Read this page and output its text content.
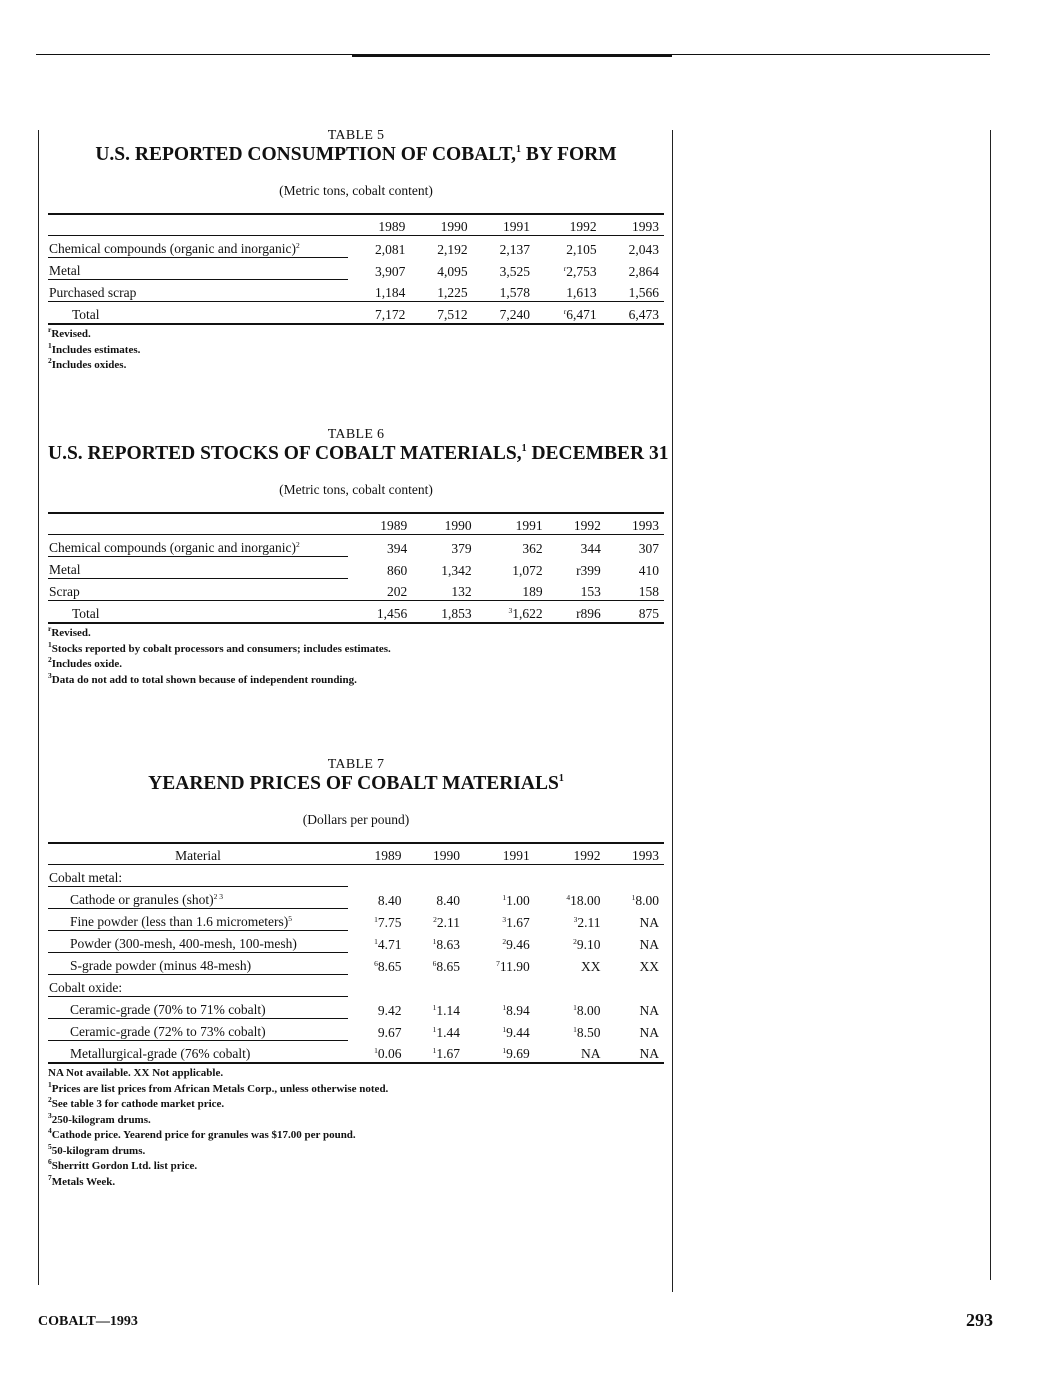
TABLE 5
U.S. REPORTED CONSUMPTION OF COBALT,$^1$ BY FORM
(Metric tons, cobalt content)
	1989	1990	1991	1992	1993
Chemical compounds (organic and inorganic)$^2$	2,081	2,192	2,137	2,105	2,043
Metal	3,907	4,095	3,525	$^r$2,753	2,864
Purchased scrap	1,184	1,225	1,578	1,613	1,566
Total	7,172	7,512	7,240	$^r$6,471	6,473
$^r$Revised.
$^1$Includes estimates.
$^2$Includes oxides.
TABLE 6
U.S. REPORTED STOCKS OF COBALT MATERIALS,$^1$ DECEMBER 31
(Metric tons, cobalt content)
	1989	1990	1991	1992	1993
Chemical compounds (organic and inorganic)$^2$	394	379	362	344	307
Metal	860	1,342	1,072	r399	410
Scrap	202	132	189	153	158
Total	1,456	1,853	$^3$1,622	r896	875
$^r$Revised.
$^1$Stocks reported by cobalt processors and consumers; includes estimates.
$^2$Includes oxide.
$^3$Data do not add to total shown because of independent rounding.
TABLE 7
YEAREND PRICES OF COBALT MATERIALS$^1$
(Dollars per pound)
Material	1989	1990	1991	1992	1993
Cobalt metal:					
Cathode or granules (shot)$^{2 3}$	8.40	8.40	$^1$1.00	$^4$18.00	$^1$8.00
Fine powder (less than 1.6 micrometers)$^5$	$^1$7.75	$^2$2.11	$^3$1.67	$^3$2.11	NA
Powder (300-mesh, 400-mesh, 100-mesh)	$^1$4.71	$^1$8.63	$^2$9.46	$^2$9.10	NA
S-grade powder (minus 48-mesh)	$^6$8.65	$^6$8.65	$^7$11.90	XX	XX
Cobalt oxide:					
Ceramic-grade (70% to 71% cobalt)	9.42	$^1$1.14	$^1$8.94	$^1$8.00	NA
Ceramic-grade (72% to 73% cobalt)	9.67	$^1$1.44	$^1$9.44	$^1$8.50	NA
Metallurgical-grade (76% cobalt)	$^1$0.06	$^1$1.67	$^1$9.69	NA	NA
NA Not available. XX Not applicable.
$^1$Prices are list prices from African Metals Corp., unless otherwise noted.
$^2$See table 3 for cathode market price.
$^3$250-kilogram drums.
$^4$Cathode price. Yearend price for granules was $17.00 per pound.
$^5$50-kilogram drums.
$^6$Sherritt Gordon Ltd. list price.
$^7$Metals Week.
COBALT—1993	293
